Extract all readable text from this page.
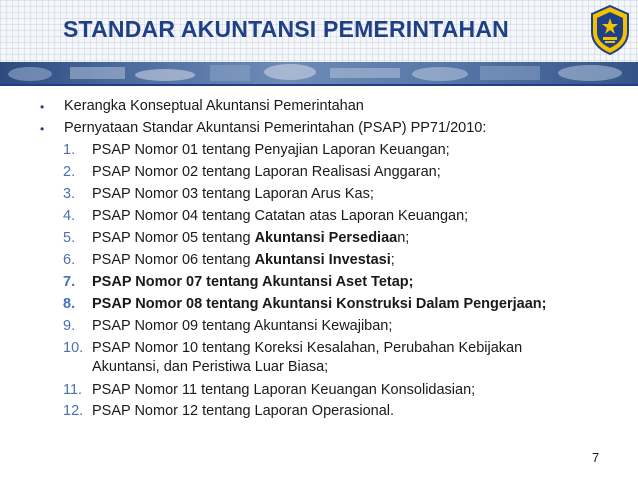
STANDAR AKUNTANSI PEMERINTAHAN
• Kerangka Konseptual Akuntansi Pemerintahan
• Pernyataan Standar Akuntansi Pemerintahan (PSAP) PP71/2010:
1. PSAP Nomor 01 tentang Penyajian Laporan Keuangan;
2. PSAP Nomor 02 tentang Laporan Realisasi Anggaran;
3. PSAP Nomor 03 tentang Laporan Arus Kas;
4. PSAP Nomor 04 tentang Catatan atas Laporan Keuangan;
5. PSAP Nomor 05 tentang Akuntansi Persediaan;
6. PSAP Nomor 06 tentang Akuntansi Investasi;
7. PSAP Nomor 07 tentang Akuntansi Aset Tetap;
8. PSAP Nomor 08 tentang Akuntansi Konstruksi Dalam Pengerjaan;
9. PSAP Nomor 09 tentang Akuntansi Kewajiban;
10. PSAP Nomor 10 tentang Koreksi Kesalahan, Perubahan Kebijakan
Akuntansi, dan Peristiwa Luar Biasa;
11. PSAP Nomor 11 tentang Laporan Keuangan Konsolidasian;
12. PSAP Nomor 12 tentang Laporan Operasional.
7
